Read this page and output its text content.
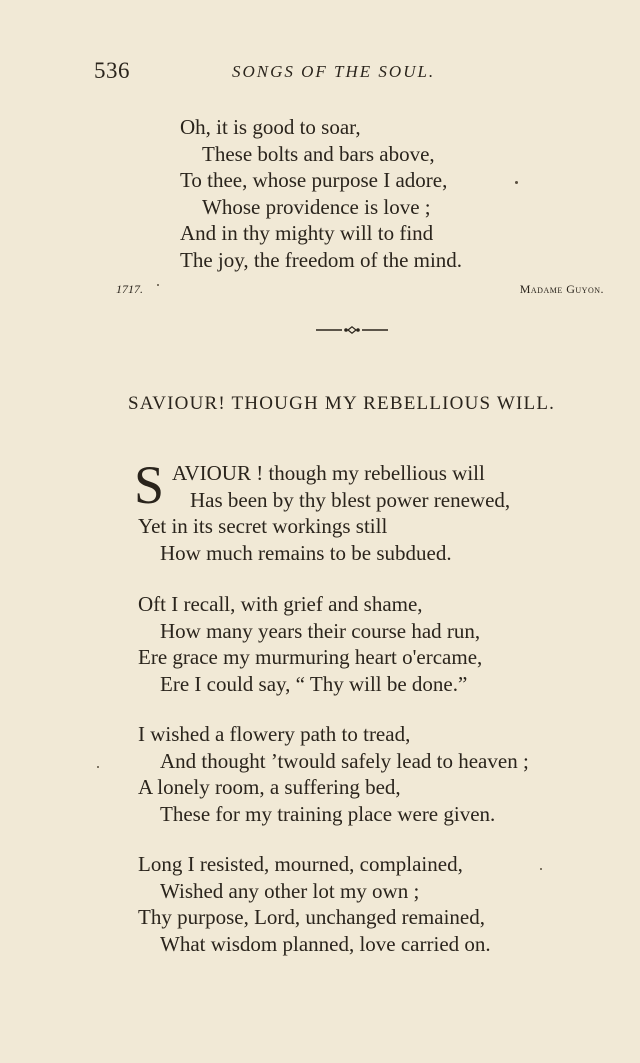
536	SONGS OF THE SOUL.
Oh, it is good to soar,
These bolts and bars above,
To thee, whose purpose I adore,
Whose providence is love ;
And in thy mighty will to find
The joy, the freedom of the mind.
1717.	Madame Guyon.
SAVIOUR! THOUGH MY REBELLIOUS WILL.
S AVIOUR ! though my rebellious will
Has been by thy blest power renewed,
Yet in its secret workings still
How much remains to be subdued.
Oft I recall, with grief and shame,
How many years their course had run,
Ere grace my murmuring heart o'ercame,
Ere I could say, “ Thy will be done.”
I wished a flowery path to tread,
And thought ’twould safely lead to heaven ;
A lonely room, a suffering bed,
These for my training place were given.
Long I resisted, mourned, complained,
Wished any other lot my own ;
Thy purpose, Lord, unchanged remained,
What wisdom planned, love carried on.
